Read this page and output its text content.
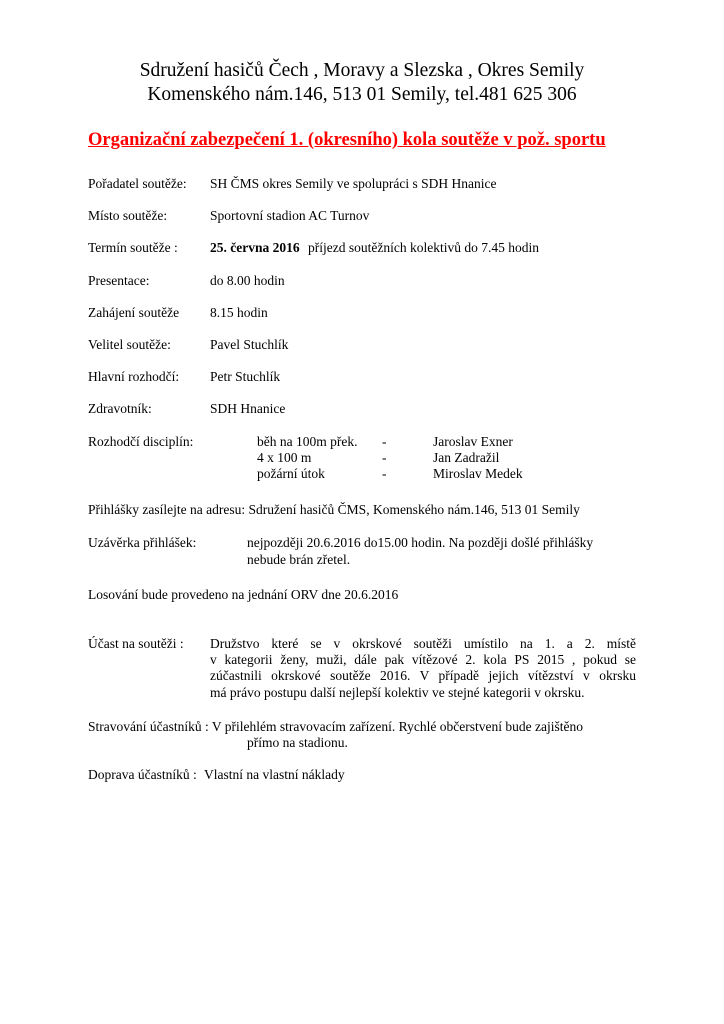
Sdružení hasičů Čech , Moravy a Slezska , Okres Semily
Komenského nám.146, 513 01 Semily, tel.481 625 306
Organizační zabezpečení 1. (okresního) kola soutěže v pož. sportu
Pořadatel soutěže:	SH ČMS okres Semily ve spolupráci s SDH Hnanice
Místo soutěže:	Sportovní stadion AC Turnov
Termín soutěže :	25. června 2016 příjezd soutěžních kolektivů do 7.45 hodin
Presentace:	do 8.00 hodin
Zahájení soutěže	8.15 hodin
Velitel soutěže:	Pavel Stuchlík
Hlavní rozhodčí:	Petr Stuchlík
Zdravotník:	SDH Hnanice
Rozhodčí disciplín:	běh na 100m přek.	-	Jaroslav Exner
4 x 100 m	-	Jan Zadražil
požární útok	-	Miroslav Medek
Přihlášky zasílejte na adresu: Sdružení hasičů ČMS, Komenského nám.146, 513 01 Semily
Uzávěrka přihlášek:	nejpozději 20.6.2016 do15.00 hodin. Na později došlé přihlášky
nebude brán zřetel.
Losování bude provedeno na jednání ORV dne 20.6.2016
Účast na soutěži :	Družstvo které se v okrskové soutěži umístilo na 1. a 2. místě
v kategorii ženy, muži, dále pak vítězové 2. kola PS 2015 , pokud se
zúčastnili okrskové soutěže 2016. V případě jejich vítězství v okrsku
má právo postupu další nejlepší kolektiv ve stejné kategorii v okrsku.
Stravování účastníků : V přilehlém stravovacím zařízení. Rychlé občerstvení bude zajištěno
přímo na stadionu.
Doprava účastníků : Vlastní na vlastní náklady
